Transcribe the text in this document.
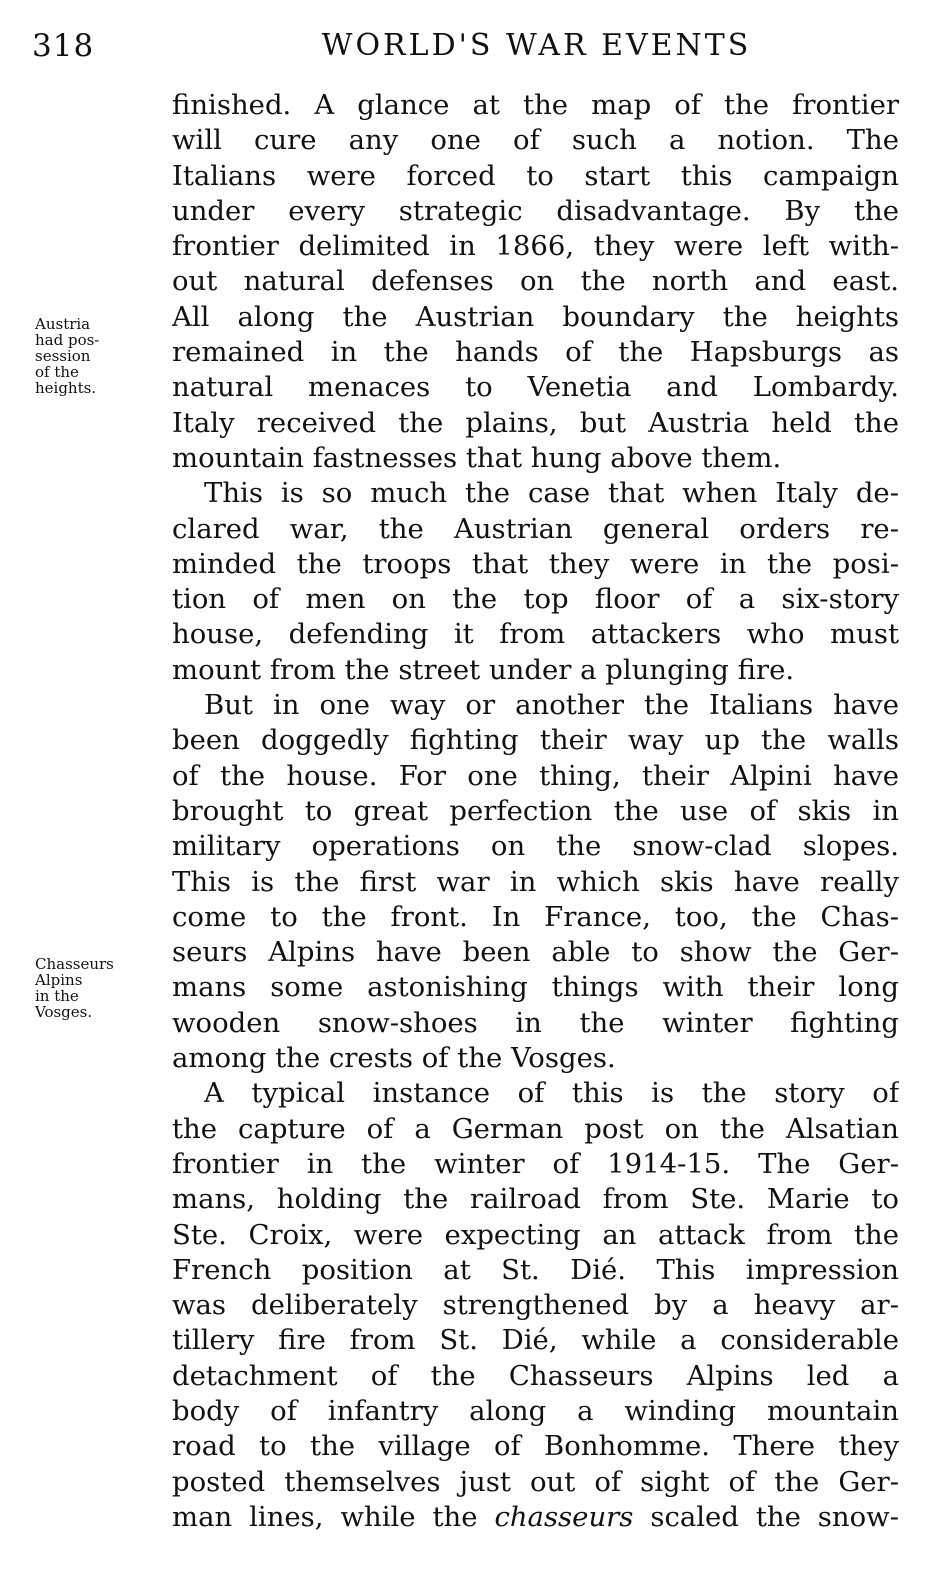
318	WORLD'S WAR EVENTS
Austria
had pos-
session
of the
heights.
Chasseurs
Alpins
in the
Vosges.
finished. A glance at the map of the frontier
will cure any one of such a notion. The
Italians were forced to start this campaign
under every strategic disadvantage. By the
frontier delimited in 1866, they were left with-
out natural defenses on the north and east.
All along the Austrian boundary the heights
remained in the hands of the Hapsburgs as
natural menaces to Venetia and Lombardy.
Italy received the plains, but Austria held the
mountain fastnesses that hung above them.
This is so much the case that when Italy de-
clared war, the Austrian general orders re-
minded the troops that they were in the posi-
tion of men on the top floor of a six-story
house, defending it from attackers who must
mount from the street under a plunging fire.
But in one way or another the Italians have
been doggedly fighting their way up the walls
of the house. For one thing, their Alpini have
brought to great perfection the use of skis in
military operations on the snow-clad slopes.
This is the first war in which skis have really
come to the front. In France, too, the Chas-
seurs Alpins have been able to show the Ger-
mans some astonishing things with their long
wooden snow-shoes in the winter fighting
among the crests of the Vosges.
A typical instance of this is the story of
the capture of a German post on the Alsatian
frontier in the winter of 1914-15. The Ger-
mans, holding the railroad from Ste. Marie to
Ste. Croix, were expecting an attack from the
French position at St. Dié. This impression
was deliberately strengthened by a heavy ar-
tillery fire from St. Dié, while a considerable
detachment of the Chasseurs Alpins led a
body of infantry along a winding mountain
road to the village of Bonhomme. There they
posted themselves just out of sight of the Ger-
man lines, while the chasseurs scaled the snow-
